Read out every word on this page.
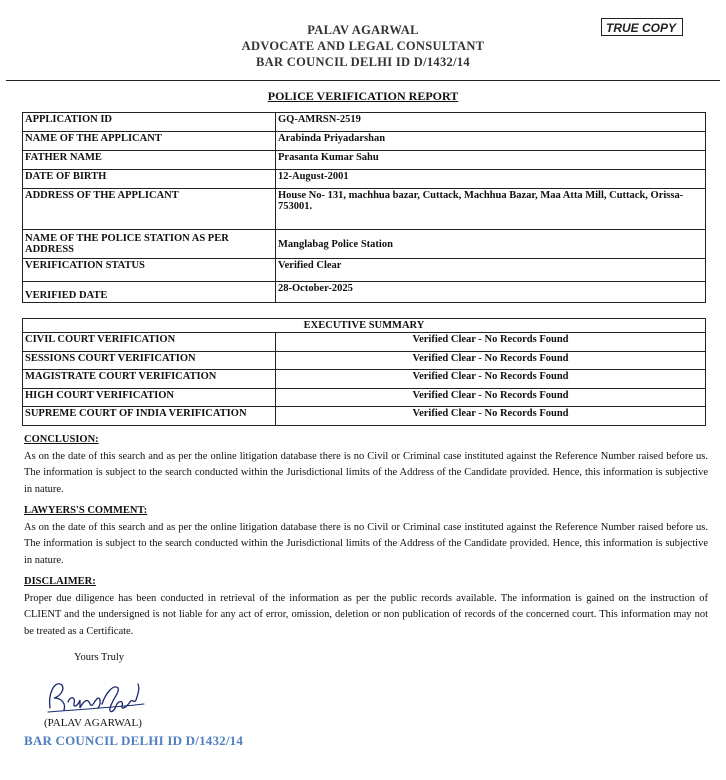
PALAV AGARWAL
ADVOCATE AND LEGAL CONSULTANT
BAR COUNCIL DELHI ID D/1432/14
TRUE COPY
POLICE VERIFICATION REPORT
APPLICATION ID	GQ-AMRSN-2519
NAME OF THE APPLICANT	Arabinda Priyadarshan
FATHER NAME	Prasanta Kumar Sahu
DATE OF BIRTH	12-August-2001
ADDRESS OF THE APPLICANT	House No- 131, machhua bazar, Cuttack, Machhua Bazar, Maa Atta Mill, Cuttack, Orissa-753001.
NAME OF THE POLICE STATION AS PER ADDRESS	Manglabag Police Station
VERIFICATION STATUS	Verified Clear
VERIFIED DATE	28-October-2025
EXECUTIVE SUMMARY	
CIVIL COURT VERIFICATION	Verified Clear - No Records Found
SESSIONS COURT VERIFICATION	Verified Clear - No Records Found
MAGISTRATE COURT VERIFICATION	Verified Clear - No Records Found
HIGH COURT VERIFICATION	Verified Clear - No Records Found
SUPREME COURT OF INDIA VERIFICATION	Verified Clear - No Records Found
CONCLUSION:
As on the date of this search and as per the online litigation database there is no Civil or Criminal case instituted against the Reference Number raised before us. The information is subject to the search conducted within the Jurisdictional limits of the Address of the Candidate provided. Hence, this information is subjective in nature.
LAWYERS'S COMMENT:
As on the date of this search and as per the online litigation database there is no Civil or Criminal case instituted against the Reference Number raised before us. The information is subject to the search conducted within the Jurisdictional limits of the Address of the Candidate provided. Hence, this information is subjective in nature.
DISCLAIMER:
Proper due diligence has been conducted in retrieval of the information as per the public records available. The information is gained on the instruction of CLIENT and the undersigned is not liable for any act of error, omission, deletion or non publication of records of the concerned court. This information may not be treated as a Certificate.
Yours Truly
(PALAV AGARWAL)
BAR COUNCIL DELHI ID D/1432/14
